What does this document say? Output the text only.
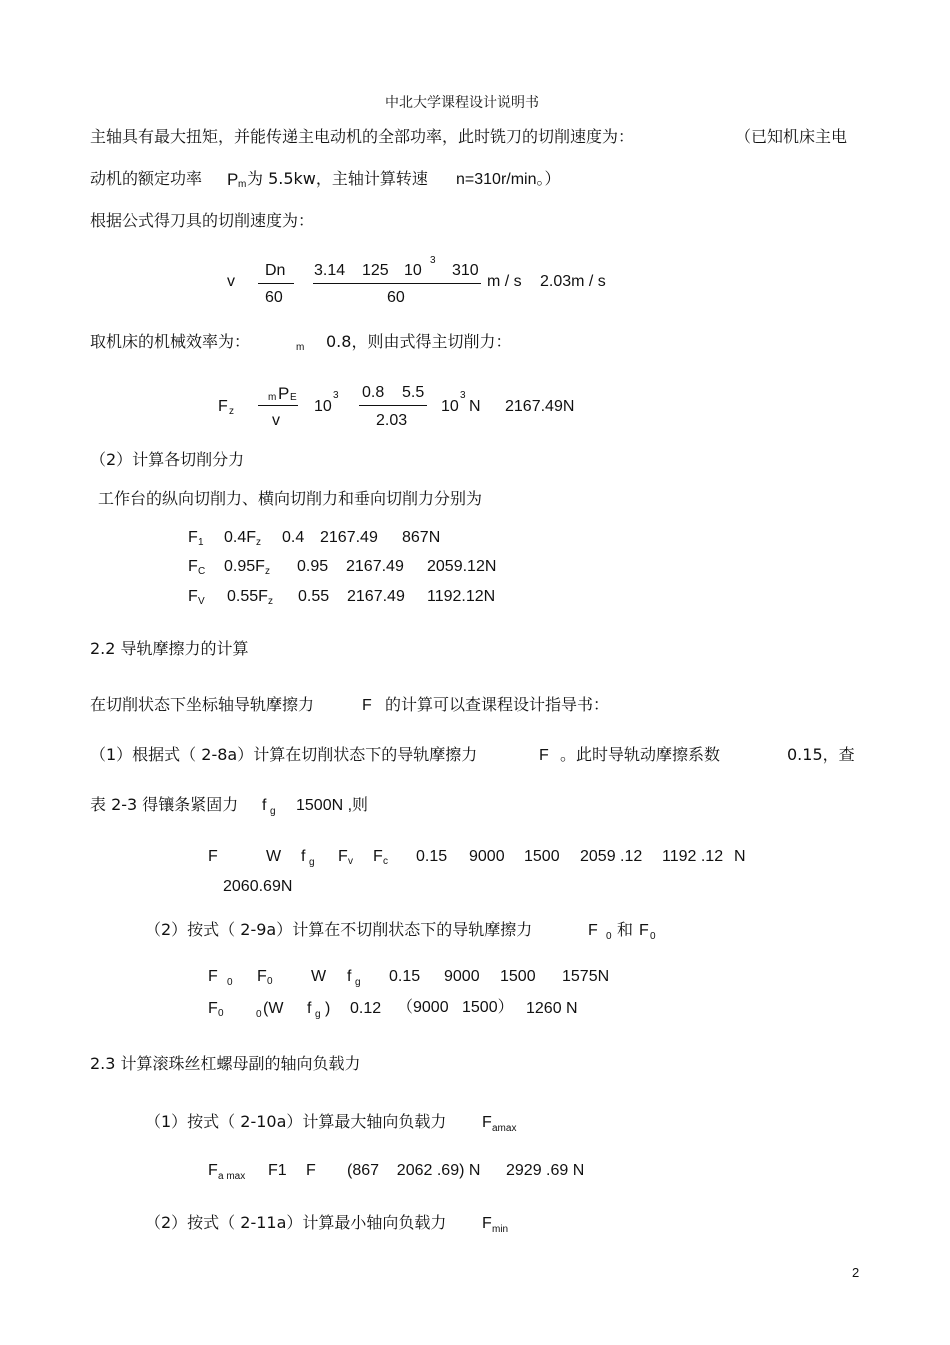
中北大学课程设计说明书
主轴具有最大扭矩，并能传递主电动机的全部功率，此时铣刀的切削速度为：	（已知机床主电
动机的额定功率 P m 为 5.5kw，主轴计算转速 n=310r/min。）
根据公式得刀具的切削速度为：
v
Dn
60
3.14 125 10
3
310
60
m / s 2.03m / s
取机床的机械效率为：	m 0.8，则由式得主切削力：
F z
m P E
v
10
3 0.8 5.5
2.03
10
3
N 2167.49N
（2）计算各切削分力
工作台的纵向切削力、横向切削力和垂向切削力分别为
F 1 0.4F z 0.4 2167.49 867N
F C 0.95F z 0.95 2167.49 2059.12N
F V 0.55F z 0.55 2167.49 1192.12N
2.2 导轨摩擦力的计算
在切削状态下坐标轴导轨摩擦力	F 的计算可以查课程设计指导书：
（1）根据式（ 2-8a）计算在切削状态下的导轨摩擦力	F 。此时导轨动摩擦系数	0.15，查
表 2-3 得镶条紧固力 f g 1500N ,则
F	W f g F v F c 0.15 9000 1500 2059 .12 1192 .12 N
2060.69N
（2）按式（ 2-9a）计算在不切削状态下的导轨摩擦力	F 0 和 F 0
F 0 F 0 W f g 0.15 9000 1500 1575N
F 0	0 (W f g ) 0.12 （9000 1500） 1260 N
2.3 计算滚珠丝杠螺母副的轴向负载力
（1）按式（ 2-10a）计算最大轴向负载力 F amax
F a max F1 F (867    2062 .69) N 2929 .69 N
（2）按式（ 2-11a）计算最小轴向负载力 F min
2
